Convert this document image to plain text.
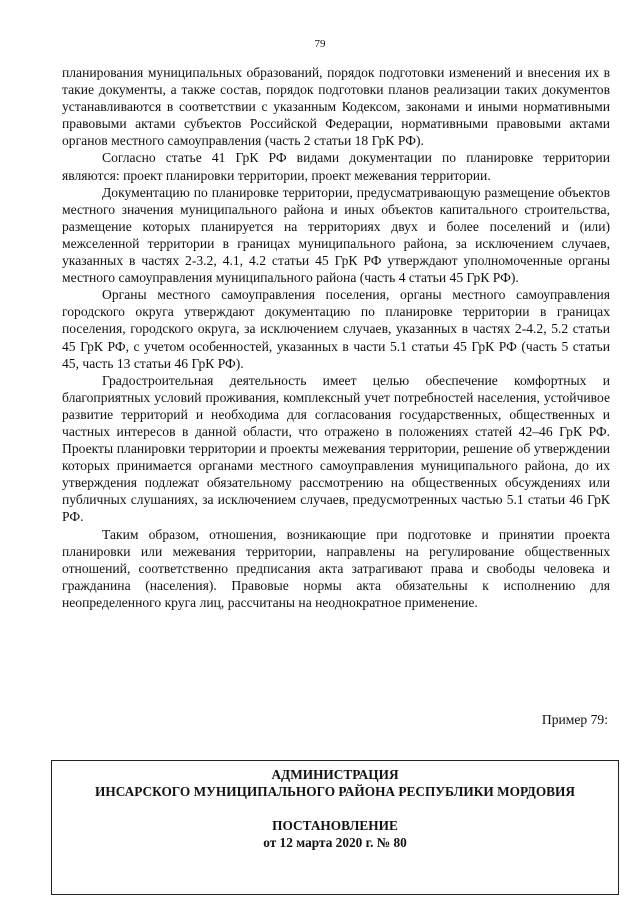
79

планирования муниципальных образований, порядок подготовки изменений и внесения их в такие документы, а также состав, порядок подготовки планов реализации таких документов устанавливаются в соответствии с указанным Кодексом, законами и иными нормативными правовыми актами субъектов Российской Федерации, нормативными правовыми актами органов местного самоуправления (часть 2 статьи 18 ГрК РФ).

Согласно статье 41 ГрК РФ видами документации по планировке территории являются: проект планировки территории, проект межевания территории.

Документацию по планировке территории, предусматривающую размещение объектов местного значения муниципального района и иных объектов капитального строительства, размещение которых планируется на территориях двух и более поселений и (или) межселенной территории в границах муниципального района, за исключением случаев, указанных в частях 2-3.2, 4.1, 4.2 статьи 45 ГрК РФ утверждают уполномоченные органы местного самоуправления муниципального района (часть 4 статьи 45 ГрК РФ).

Органы местного самоуправления поселения, органы местного самоуправления городского округа утверждают документацию по планировке территории в границах поселения, городского округа, за исключением случаев, указанных в частях 2-4.2, 5.2 статьи 45 ГрК РФ, с учетом особенностей, указанных в части 5.1 статьи 45 ГрК РФ (часть 5 статьи 45, часть 13 статьи 46 ГрК РФ).

Градостроительная деятельность имеет целью обеспечение комфортных и благоприятных условий проживания, комплексный учет потребностей населения, устойчивое развитие территорий и необходима для согласования государственных, общественных и частных интересов в данной области, что отражено в положениях статей 42–46 ГрК РФ. Проекты планировки территории и проекты межевания территории, решение об утверждении которых принимается органами местного самоуправления муниципального района, до их утверждения подлежат обязательному рассмотрению на общественных обсуждениях или публичных слушаниях, за исключением случаев, предусмотренных частью 5.1 статьи 46 ГрК РФ.

Таким образом, отношения, возникающие при подготовке и принятии проекта планировки или межевания территории, направлены на регулирование общественных отношений, соответственно предписания акта затрагивают права и свободы человека и гражданина (населения). Правовые нормы акта обязательны к исполнению для неопределенного круга лиц, рассчитаны на неоднократное применение.

Пример 79:
АДМИНИСТРАЦИЯ
ИНСАРСКОГО МУНИЦИПАЛЬНОГО РАЙОНА РЕСПУБЛИКИ МОРДОВИЯ
ПОСТАНОВЛЕНИЕ
от 12 марта 2020 г. № 80
